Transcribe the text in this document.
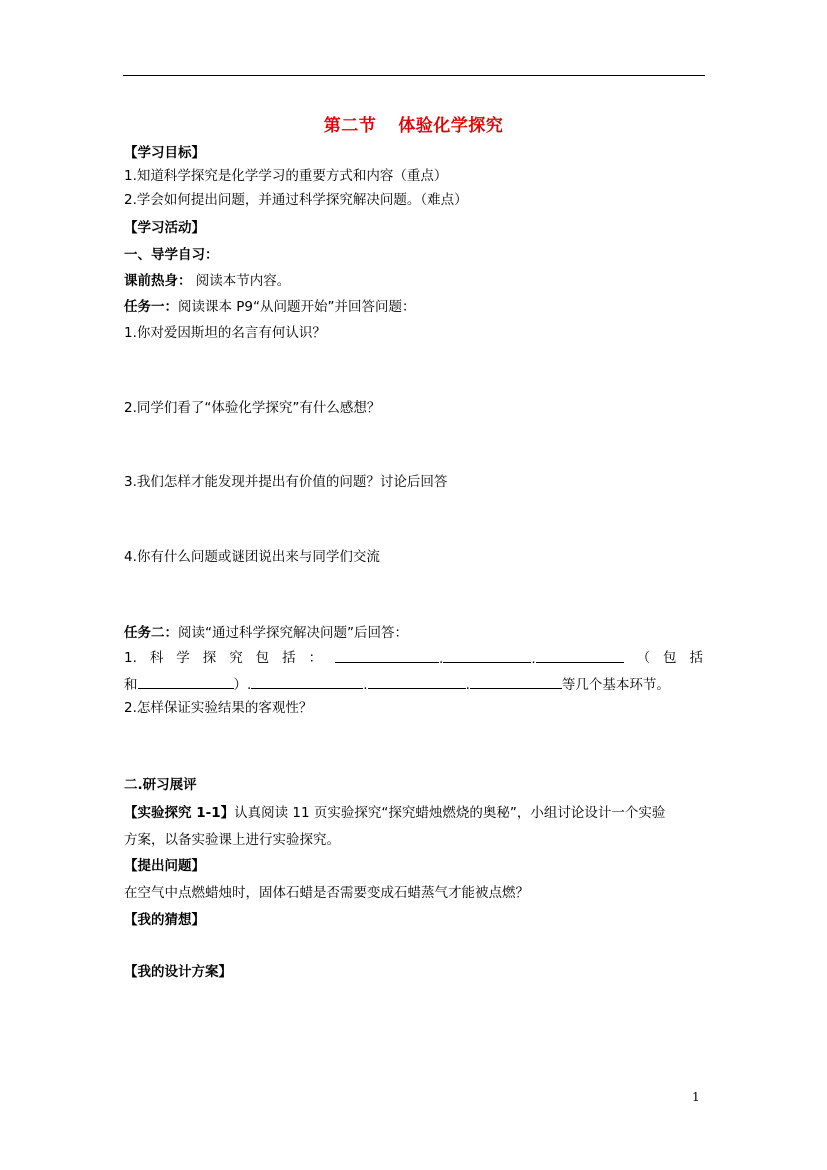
第二节 体验化学探究
【学习目标】
1.知道科学探究是化学学习的重要方式和内容（重点）
2.学会如何提出问题，并通过科学探究解决问题。（难点）
【学习活动】
一、导学自习：
课前热身： 阅读本节内容。
任务一：阅读课本 P9“从问题开始”并回答问题：
1.你对爱因斯坦的名言有何认识？
2.同学们看了“体验化学探究”有什么感想？
3.我们怎样才能发现并提出有价值的问题？讨论后回答
4.你有什么问题或谜团说出来与同学们交流
任务二：阅读“通过科学探究解决问题”后回答：
1. 科 学 探 究 包 括 ：	.	.	（ 包 括
和	）.	.	.	等几个基本环节。
2.怎样保证实验结果的客观性？
二.研习展评
【实验探究 1-1】认真阅读 11 页实验探究“探究蜡烛燃烧的奥秘”，小组讨论设计一个实验
方案，以备实验课上进行实验探究。
【提出问题】
在空气中点燃蜡烛时，固体石蜡是否需要变成石蜡蒸气才能被点燃？
【我的猜想】
【我的设计方案】
1
